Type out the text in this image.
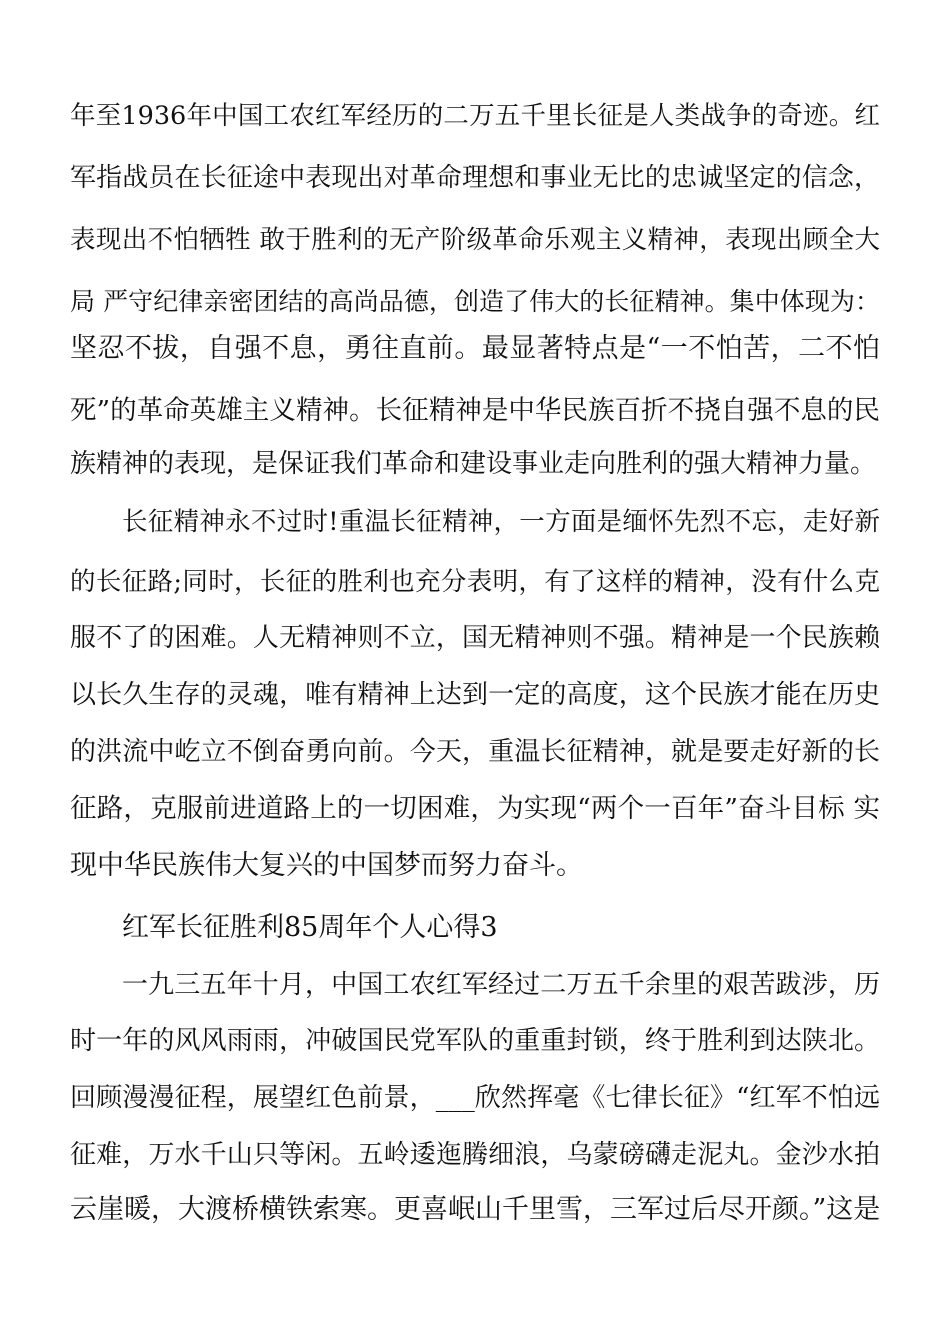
年至1936年中国工农红军经历的二万五千里长征是人类战争的奇迹。红
军指战员在长征途中表现出对革命理想和事业无比的忠诚坚定的信念，
表现出不怕牺牲 敢于胜利的无产阶级革命乐观主义精神，表现出顾全大
局 严守纪律亲密团结的高尚品德，创造了伟大的长征精神。集中体现为：
坚忍不拔，自强不息，勇往直前。最显著特点是“一不怕苦，二不怕
死”的革命英雄主义精神。长征精神是中华民族百折不挠自强不息的民
族精神的表现，是保证我们革命和建设事业走向胜利的强大精神力量。
长征精神永不过时!重温长征精神，一方面是缅怀先烈不忘，走好新
的长征路;同时，长征的胜利也充分表明，有了这样的精神，没有什么克
服不了的困难。人无精神则不立，国无精神则不强。精神是一个民族赖
以长久生存的灵魂，唯有精神上达到一定的高度，这个民族才能在历史
的洪流中屹立不倒奋勇向前。今天，重温长征精神，就是要走好新的长
征路，克服前进道路上的一切困难，为实现“两个一百年”奋斗目标 实
现中华民族伟大复兴的中国梦而努力奋斗。
红军长征胜利85周年个人心得3
一九三五年十月，中国工农红军经过二万五千余里的艰苦跋涉，历
时一年的风风雨雨，冲破国民党军队的重重封锁，终于胜利到达陕北。
回顾漫漫征程，展望红色前景，___欣然挥毫《七律长征》“红军不怕远
征难，万水千山只等闲。五岭逶迤腾细浪，乌蒙磅礴走泥丸。金沙水拍
云崖暖，大渡桥横铁索寒。更喜岷山千里雪，三军过后尽开颜。”这是
